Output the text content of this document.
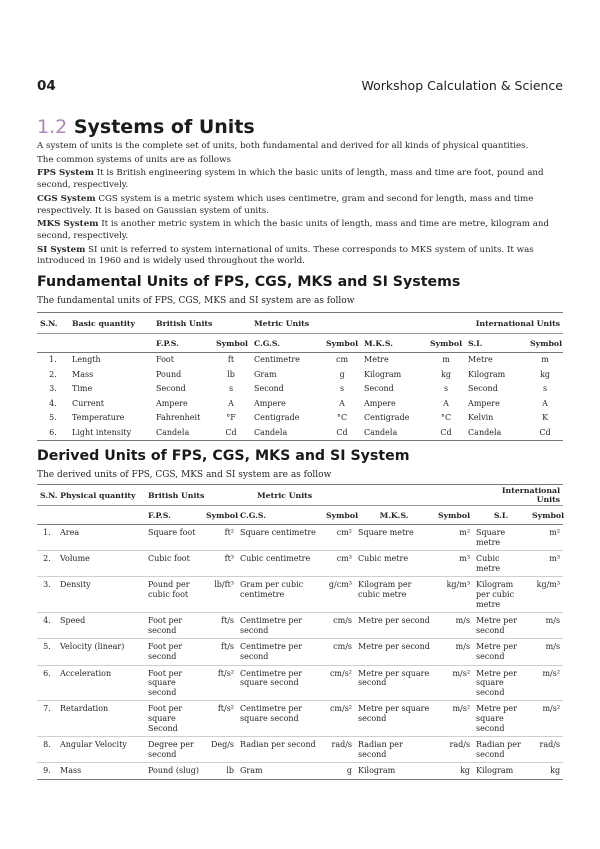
04	Workshop Calculation & Science
1.2 Systems of Units
A system of units is the complete set of units, both fundamental and derived for all kinds of physical quantities.
The common systems of units are as follows
FPS System It is British engineering system in which the basic units of length, mass and time are foot, pound and second, respectively.
CGS System CGS system is a metric system which uses centimetre, gram and second for length, mass and time respectively. It is based on Gaussian system of units.
MKS System It is another metric system in which the basic units of length, mass and time are metre, kilogram and second, respectively.
SI System SI unit is referred to system international of units. These corresponds to MKS system of units. It was introduced in 1960 and is widely used throughout the world.
Fundamental Units of FPS, CGS, MKS and SI Systems
The fundamental units of FPS, CGS, MKS and SI system are as follow
S.N.	Basic quantity	British Units		Metric Units				International Units	
		F.P.S.	Symbol	C.G.S.	Symbol	M.K.S.	Symbol	S.I.	Symbol
1.	Length	Foot	ft	Centimetre	cm	Metre	m	Metre	m
2.	Mass	Pound	lb	Gram	g	Kilogram	kg	Kilogram	kg
3.	Time	Second	s	Second	s	Second	s	Second	s
4.	Current	Ampere	A	Ampere	A	Ampere	A	Ampere	A
5.	Temperature	Fahrenheit	°F	Centigrade	°C	Centigrade	°C	Kelvin	K
6.	Light intensity	Candela	Cd	Candela	Cd	Candela	Cd	Candela	Cd
Derived Units of FPS, CGS, MKS and SI System
The derived units of FPS, CGS, MKS and SI system are as follow
S.N. Physical quantity		British Units		Metric Units				International Units	
		F.P.S.	Symbol	C.G.S.	Symbol	M.K.S.	Symbol	S.I.	Symbol
1.	Area	Square foot	ft²	Square centimetre	cm²	Square metre	m²	Square metre	m²
2.	Volume	Cubic foot	ft³	Cubic centimetre	cm³	Cubic metre	m³	Cubic metre	m³
3.	Density	Pound per cubic foot	lb/ft³	Gram per cubic centimetre	g/cm³	Kilogram per cubic metre	kg/m³	Kilogram per cubic metre	kg/m³
4.	Speed	Foot per second	ft/s	Centimetre per second	cm/s	Metre per second	m/s	Metre per second	m/s
5.	Velocity (linear)	Foot per second	ft/s	Centimetre per second	cm/s	Metre per second	m/s	Metre per second	m/s
6.	Acceleration	Foot per square second	ft/s²	Centimetre per square second	cm/s²	Metre per square second	m/s²	Metre per square second	m/s²
7.	Retardation	Foot per square Second	ft/s²	Centimetre per square second	cm/s²	Metre per square second	m/s²	Metre per square second	m/s²
8.	Angular Velocity	Degree per second	Deg/s	Radian per second	rad/s	Radian per second	rad/s	Radian per second	rad/s
9.	Mass	Pound (slug)	lb	Gram	g	Kilogram	kg	Kilogram	kg
